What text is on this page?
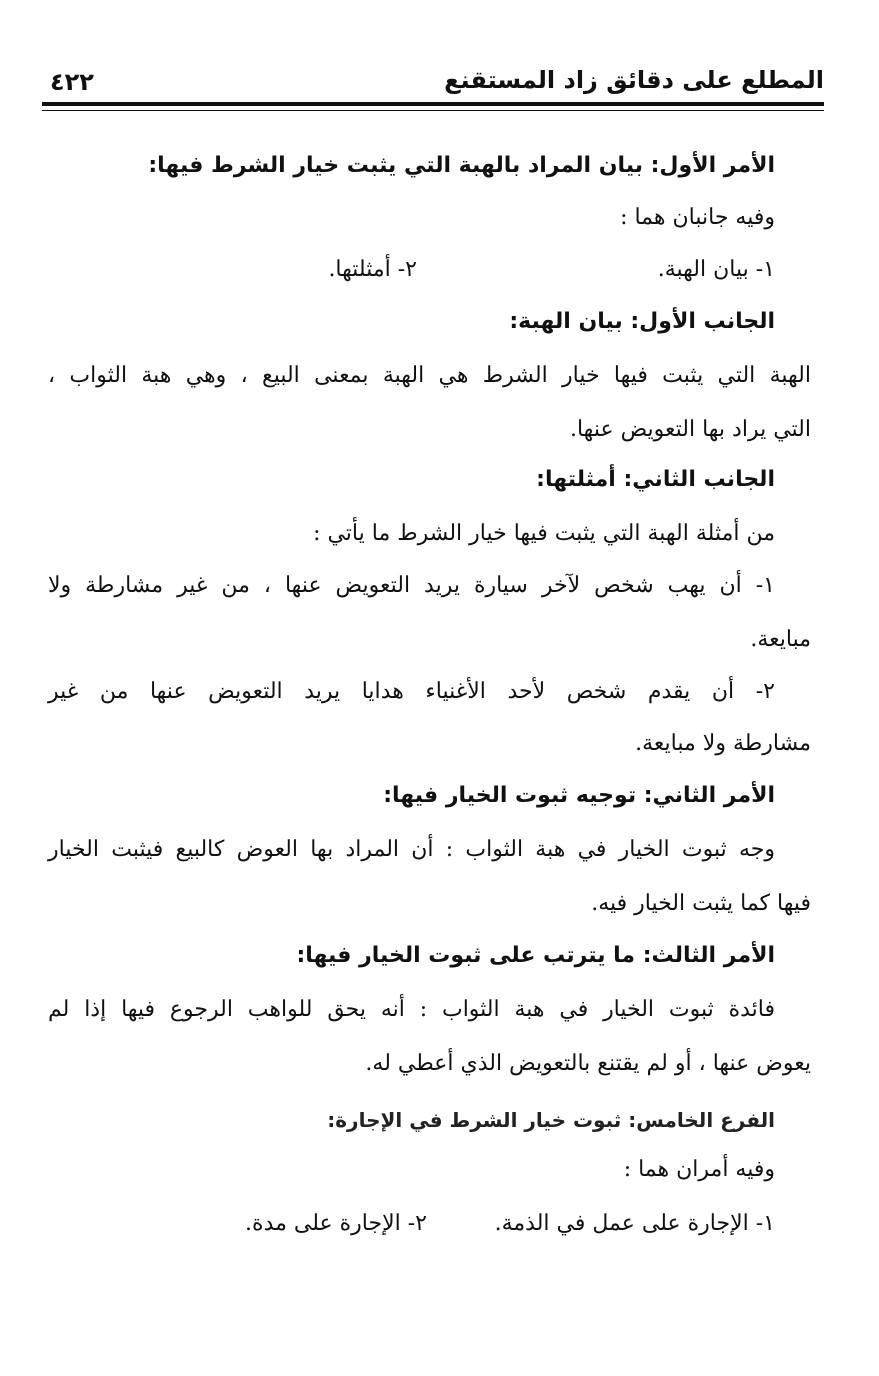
المطلع على دقائق زاد المستقنع
٤٢٢
الأمر الأول: بيان المراد بالهبة التي يثبت خيار الشرط فيها:
وفيه جانبان هما :
١- بيان الهبة.
٢- أمثلتها.
الجانب الأول: بيان الهبة:
الهبة التي يثبت فيها خيار الشرط هي الهبة بمعنى البيع ، وهي هبة الثواب ،
التي يراد بها التعويض عنها.
الجانب الثاني: أمثلتها:
من أمثلة الهبة التي يثبت فيها خيار الشرط ما يأتي :
١- أن يهب شخص لآخر سيارة يريد التعويض عنها ، من غير مشارطة ولا
مبايعة.
٢- أن يقدم شخص لأحد الأغنياء هدايا يريد التعويض عنها من غير
مشارطة ولا مبايعة.
الأمر الثاني: توجيه ثبوت الخيار فيها:
وجه ثبوت الخيار في هبة الثواب : أن المراد بها العوض كالبيع فيثبت الخيار
فيها كما يثبت الخيار فيه.
الأمر الثالث: ما يترتب على ثبوت الخيار فيها:
فائدة ثبوت الخيار في هبة الثواب : أنه يحق للواهب الرجوع فيها إذا لم
يعوض عنها ، أو لم يقتنع بالتعويض الذي أعطي له.
الفرع الخامس: ثبوت خيار الشرط في الإجارة:
وفيه أمران هما :
١- الإجارة على عمل في الذمة.
٢- الإجارة على مدة.
